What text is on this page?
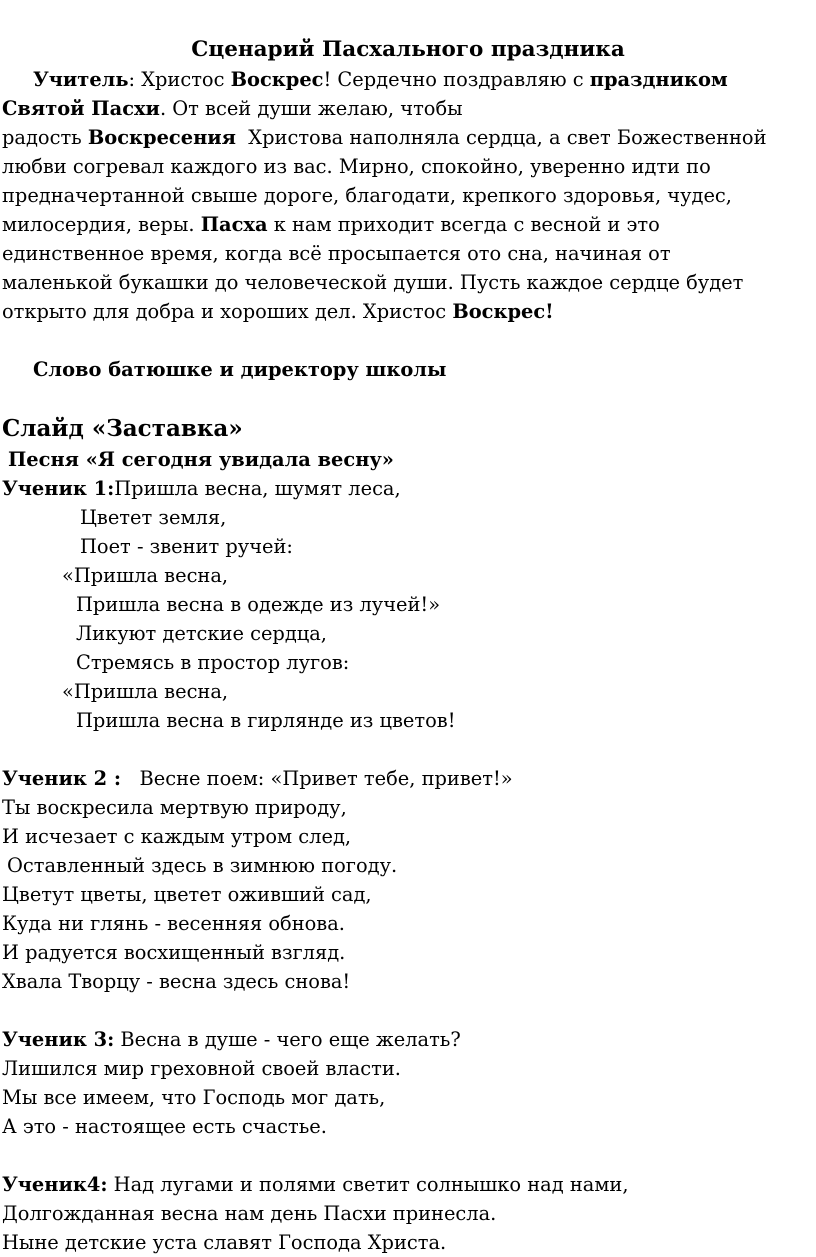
Сценарий Пасхального праздника
Учитель: Христос Воскрес! Сердечно поздравляю с праздником
Святой Пасхи. От всей души желаю, чтобы
радость Воскресения  Христова наполняла сердца, а свет Божественной
любви согревал каждого из вас. Мирно, спокойно, уверенно идти по
предначертанной свыше дороге, благодати, крепкого здоровья, чудес,
милосердия, веры. Пасха к нам приходит всегда с весной и это
единственное время, когда всё просыпается ото сна, начиная от
маленькой букашки до человеческой души. Пусть каждое сердце будет
открыто для добра и хороших дел. Христос Воскрес!
Слово батюшке и директору школы
Слайд «Заставка»
Песня «Я сегодня увидала весну»
Ученик 1:Пришла весна, шумят леса,
Цветет земля,
Поет - звенит ручей:
«Пришла весна,
Пришла весна в одежде из лучей!»
Ликуют детские сердца,
Стремясь в простор лугов:
«Пришла весна,
Пришла весна в гирлянде из цветов!
Ученик 2 :   Весне поем: «Привет тебе, привет!»
Ты воскресила мертвую природу,
И исчезает с каждым утром след,
Оставленный здесь в зимнюю погоду.
Цветут цветы, цветет оживший сад,
Куда ни глянь - весенняя обнова.
И радуется восхищенный взгляд.
Хвала Творцу - весна здесь снова!
Ученик 3: Весна в душе - чего еще желать?
Лишился мир греховной своей власти.
Мы все имеем, что Господь мог дать,
А это - настоящее есть счастье.
Ученик4: Над лугами и полями светит солнышко над нами,
Долгожданная весна нам день Пасхи принесла.
Ныне детские уста славят Господа Христа.
